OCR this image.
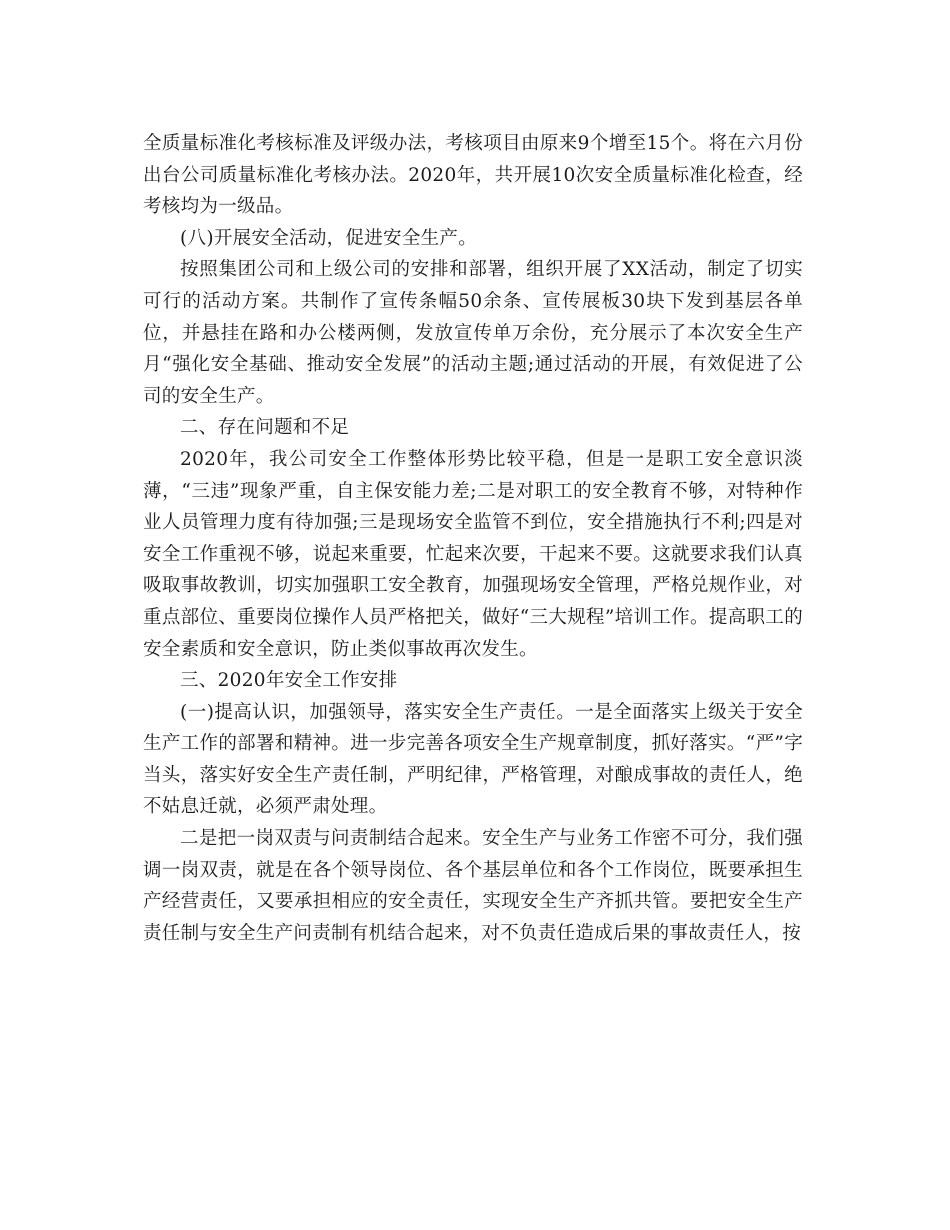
全质量标准化考核标准及评级办法，考核项目由原来9个增至15个。将在六月份出台公司质量标准化考核办法。2020年，共开展10次安全质量标准化检查，经考核均为一级品。

(八)开展安全活动，促进安全生产。

按照集团公司和上级公司的安排和部署，组织开展了XX活动，制定了切实可行的活动方案。共制作了宣传条幅50余条、宣传展板30块下发到基层各单位，并悬挂在路和办公楼两侧，发放宣传单万余份，充分展示了本次安全生产月“强化安全基础、推动安全发展”的活动主题;通过活动的开展，有效促进了公司的安全生产。

二、存在问题和不足

2020年，我公司安全工作整体形势比较平稳，但是一是职工安全意识淡薄，“三违”现象严重，自主保安能力差;二是对职工的安全教育不够，对特种作业人员管理力度有待加强;三是现场安全监管不到位，安全措施执行不利;四是对安全工作重视不够，说起来重要，忙起来次要，干起来不要。这就要求我们认真吸取事故教训，切实加强职工安全教育，加强现场安全管理，严格兑规作业，对重点部位、重要岗位操作人员严格把关，做好“三大规程”培训工作。提高职工的安全素质和安全意识，防止类似事故再次发生。

三、2020年安全工作安排

(一)提高认识，加强领导，落实安全生产责任。一是全面落实上级关于安全生产工作的部署和精神。进一步完善各项安全生产规章制度，抓好落实。“严”字当头，落实好安全生产责任制，严明纪律，严格管理，对酿成事故的责任人，绝不姑息迁就，必须严肃处理。

二是把一岗双责与问责制结合起来。安全生产与业务工作密不可分，我们强调一岗双责，就是在各个领导岗位、各个基层单位和各个工作岗位，既要承担生产经营责任，又要承担相应的安全责任，实现安全生产齐抓共管。要把安全生产责任制与安全生产问责制有机结合起来，对不负责任造成后果的事故责任人，按
